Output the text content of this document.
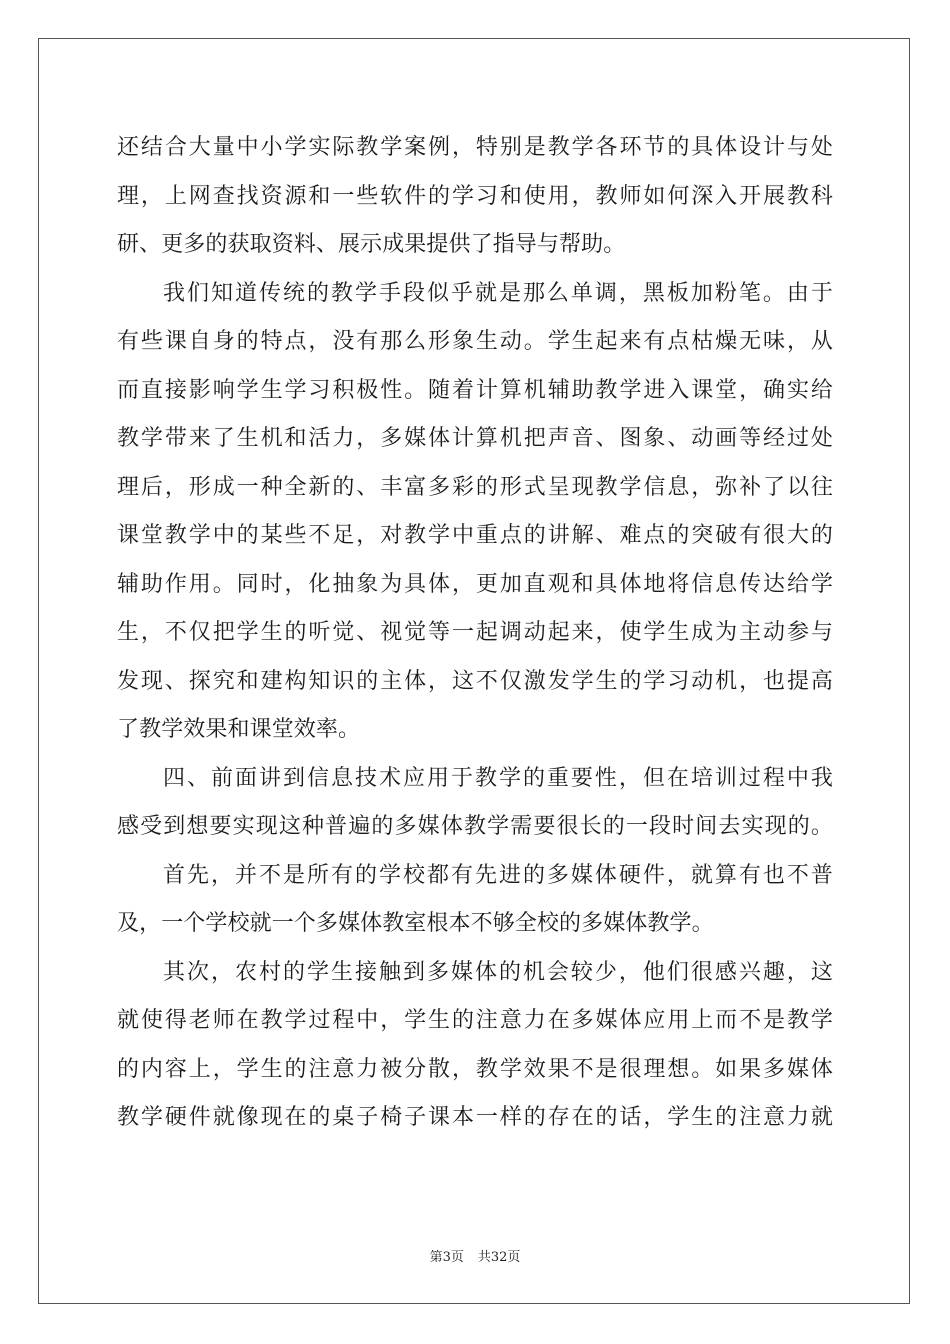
还结合大量中小学实际教学案例，特别是教学各环节的具体设计与处
理，上网查找资源和一些软件的学习和使用，教师如何深入开展教科
研、更多的获取资料、展示成果提供了指导与帮助。
我们知道传统的教学手段似乎就是那么单调，黑板加粉笔。由于
有些课自身的特点，没有那么形象生动。学生起来有点枯燥无味，从
而直接影响学生学习积极性。随着计算机辅助教学进入课堂，确实给
教学带来了生机和活力，多媒体计算机把声音、图象、动画等经过处
理后，形成一种全新的、丰富多彩的形式呈现教学信息，弥补了以往
课堂教学中的某些不足，对教学中重点的讲解、难点的突破有很大的
辅助作用。同时，化抽象为具体，更加直观和具体地将信息传达给学
生，不仅把学生的听觉、视觉等一起调动起来，使学生成为主动参与
发现、探究和建构知识的主体，这不仅激发学生的学习动机，也提高
了教学效果和课堂效率。
四、前面讲到信息技术应用于教学的重要性，但在培训过程中我
感受到想要实现这种普遍的多媒体教学需要很长的一段时间去实现的。
首先，并不是所有的学校都有先进的多媒体硬件，就算有也不普
及，一个学校就一个多媒体教室根本不够全校的多媒体教学。
其次，农村的学生接触到多媒体的机会较少，他们很感兴趣，这
就使得老师在教学过程中，学生的注意力在多媒体应用上而不是教学
的内容上，学生的注意力被分散，教学效果不是很理想。如果多媒体
教学硬件就像现在的桌子椅子课本一样的存在的话，学生的注意力就
第3页 共32页
